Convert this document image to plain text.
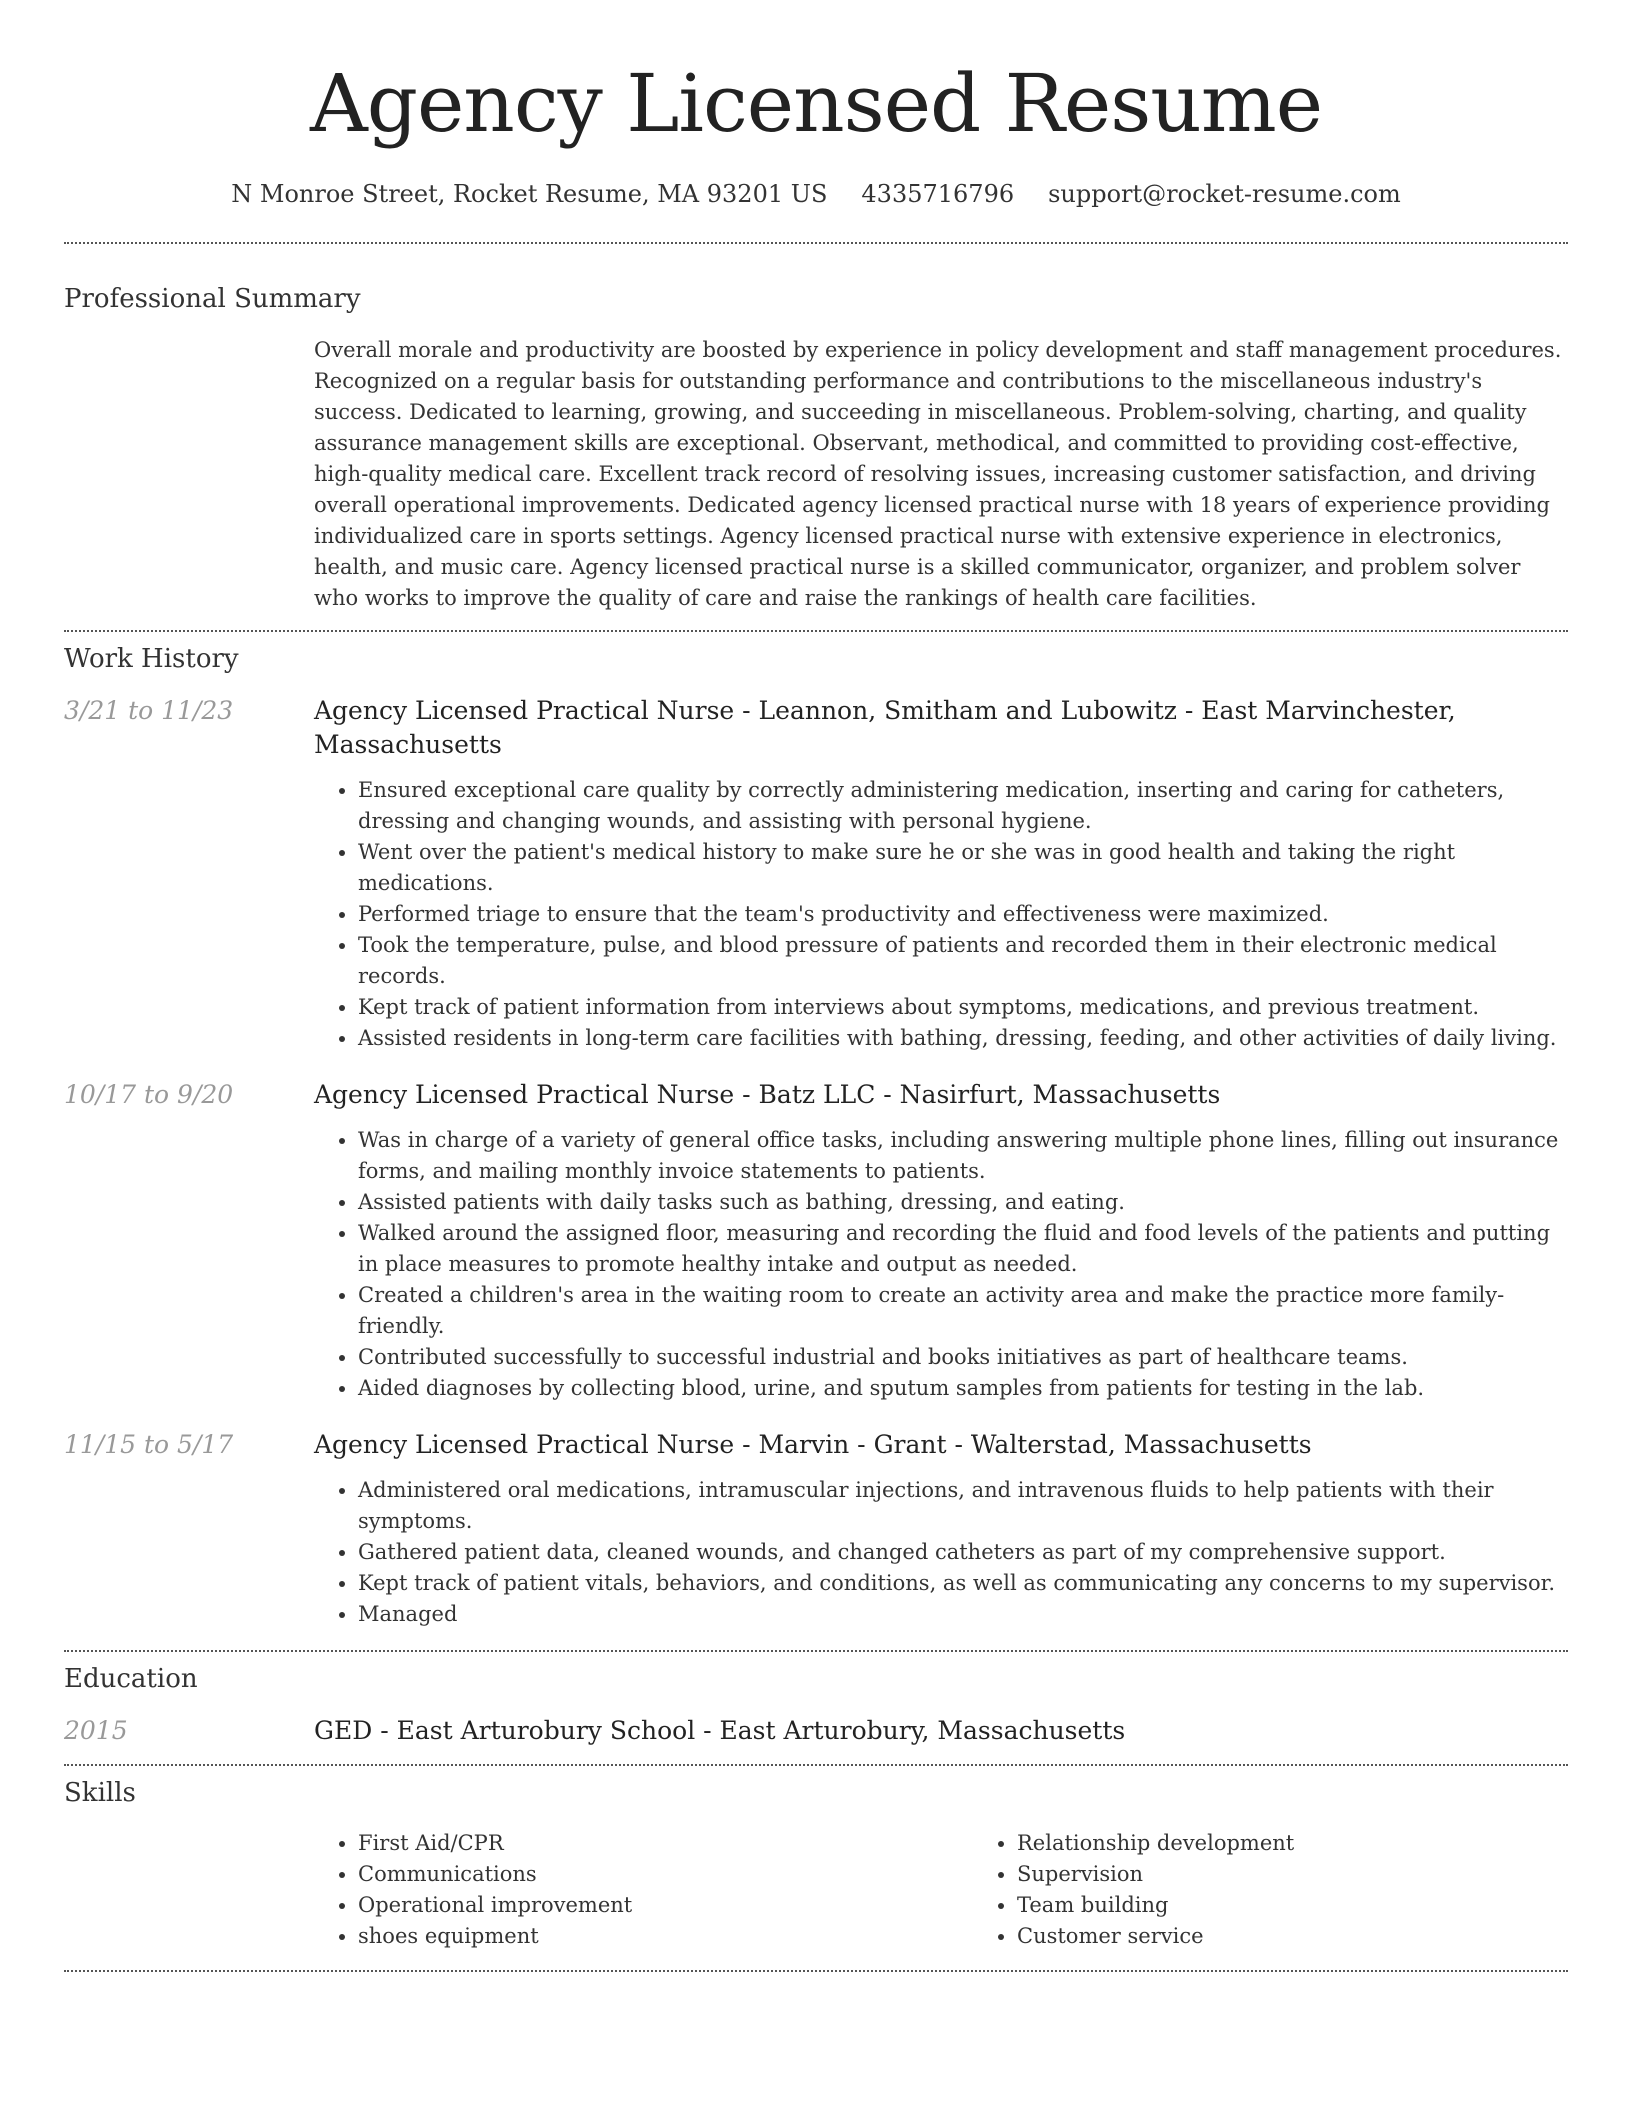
Agency Licensed Resume
N Monroe Street, Rocket Resume, MA 93201 US 4335716796 support@rocket-resume.com
Professional Summary
Overall morale and productivity are boosted by experience in policy development and staff management procedures. Recognized on a regular basis for outstanding performance and contributions to the miscellaneous industry's success. Dedicated to learning, growing, and succeeding in miscellaneous. Problem-solving, charting, and quality assurance management skills are exceptional. Observant, methodical, and committed to providing cost-effective, high-quality medical care. Excellent track record of resolving issues, increasing customer satisfaction, and driving overall operational improvements. Dedicated agency licensed practical nurse with 18 years of experience providing individualized care in sports settings. Agency licensed practical nurse with extensive experience in electronics, health, and music care. Agency licensed practical nurse is a skilled communicator, organizer, and problem solver who works to improve the quality of care and raise the rankings of health care facilities.
Work History
3/21 to 11/23	Agency Licensed Practical Nurse - Leannon, Smitham and Lubowitz - East Marvinchester, Massachusetts
• Ensured exceptional care quality by correctly administering medication, inserting and caring for catheters, dressing and changing wounds, and assisting with personal hygiene.
• Went over the patient's medical history to make sure he or she was in good health and taking the right medications.
• Performed triage to ensure that the team's productivity and effectiveness were maximized.
• Took the temperature, pulse, and blood pressure of patients and recorded them in their electronic medical records.
• Kept track of patient information from interviews about symptoms, medications, and previous treatment.
• Assisted residents in long-term care facilities with bathing, dressing, feeding, and other activities of daily living.
10/17 to 9/20	Agency Licensed Practical Nurse - Batz LLC - Nasirfurt, Massachusetts
• Was in charge of a variety of general office tasks, including answering multiple phone lines, filling out insurance forms, and mailing monthly invoice statements to patients.
• Assisted patients with daily tasks such as bathing, dressing, and eating.
• Walked around the assigned floor, measuring and recording the fluid and food levels of the patients and putting in place measures to promote healthy intake and output as needed.
• Created a children's area in the waiting room to create an activity area and make the practice more family-friendly.
• Contributed successfully to successful industrial and books initiatives as part of healthcare teams.
• Aided diagnoses by collecting blood, urine, and sputum samples from patients for testing in the lab.
11/15 to 5/17	Agency Licensed Practical Nurse - Marvin - Grant - Walterstad, Massachusetts
• Administered oral medications, intramuscular injections, and intravenous fluids to help patients with their symptoms.
• Gathered patient data, cleaned wounds, and changed catheters as part of my comprehensive support.
• Kept track of patient vitals, behaviors, and conditions, as well as communicating any concerns to my supervisor.
• Managed
Education
2015	GED - East Arturobury School - East Arturobury, Massachusetts
Skills
• First Aid/CPR
• Communications
• Operational improvement
• shoes equipment
• Relationship development
• Supervision
• Team building
• Customer service
